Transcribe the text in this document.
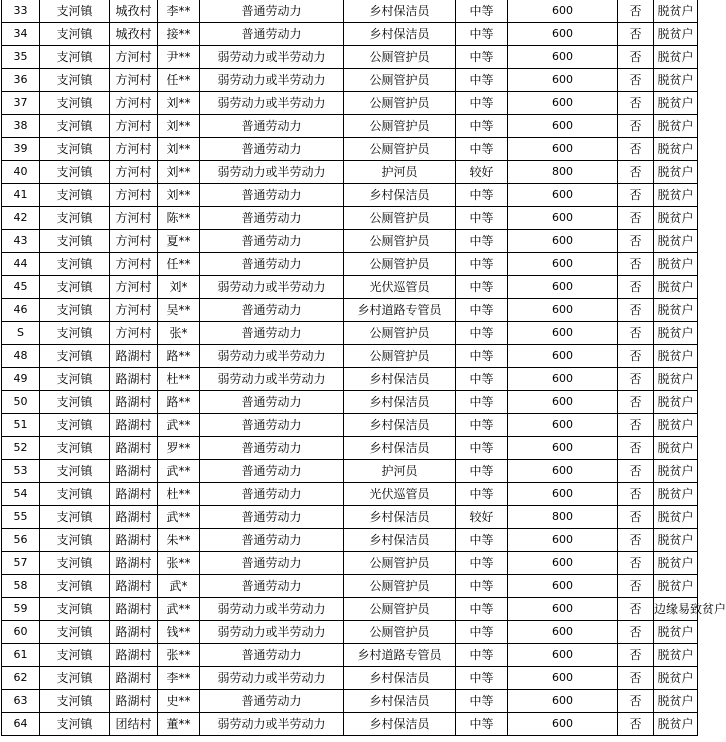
33	支河镇	城孜村	李**	普通劳动力	乡村保洁员	中等	600	否	脱贫户
34	支河镇	城孜村	接**	普通劳动力	乡村保洁员	中等	600	否	脱贫户
35	支河镇	方河村	尹**	弱劳动力或半劳动力	公厕管护员	中等	600	否	脱贫户
36	支河镇	方河村	任**	弱劳动力或半劳动力	公厕管护员	中等	600	否	脱贫户
37	支河镇	方河村	刘**	弱劳动力或半劳动力	公厕管护员	中等	600	否	脱贫户
38	支河镇	方河村	刘**	普通劳动力	公厕管护员	中等	600	否	脱贫户
39	支河镇	方河村	刘**	普通劳动力	公厕管护员	中等	600	否	脱贫户
40	支河镇	方河村	刘**	弱劳动力或半劳动力	护河员	较好	800	否	脱贫户
41	支河镇	方河村	刘**	普通劳动力	乡村保洁员	中等	600	否	脱贫户
42	支河镇	方河村	陈**	普通劳动力	公厕管护员	中等	600	否	脱贫户
43	支河镇	方河村	夏**	普通劳动力	公厕管护员	中等	600	否	脱贫户
44	支河镇	方河村	任**	普通劳动力	公厕管护员	中等	600	否	脱贫户
45	支河镇	方河村	刘*	弱劳动力或半劳动力	光伏巡管员	中等	600	否	脱贫户
46	支河镇	方河村	吴**	普通劳动力	乡村道路专管员	中等	600	否	脱贫户
S	支河镇	方河村	张*	普通劳动力	公厕管护员	中等	600	否	脱贫户
48	支河镇	路湖村	路**	弱劳动力或半劳动力	公厕管护员	中等	600	否	脱贫户
49	支河镇	路湖村	杜**	弱劳动力或半劳动力	乡村保洁员	中等	600	否	脱贫户
50	支河镇	路湖村	路**	普通劳动力	乡村保洁员	中等	600	否	脱贫户
51	支河镇	路湖村	武**	普通劳动力	乡村保洁员	中等	600	否	脱贫户
52	支河镇	路湖村	罗**	普通劳动力	乡村保洁员	中等	600	否	脱贫户
53	支河镇	路湖村	武**	普通劳动力	护河员	中等	600	否	脱贫户
54	支河镇	路湖村	杜**	普通劳动力	光伏巡管员	中等	600	否	脱贫户
55	支河镇	路湖村	武**	普通劳动力	乡村保洁员	较好	800	否	脱贫户
56	支河镇	路湖村	朱**	普通劳动力	乡村保洁员	中等	600	否	脱贫户
57	支河镇	路湖村	张**	普通劳动力	公厕管护员	中等	600	否	脱贫户
58	支河镇	路湖村	武*	普通劳动力	公厕管护员	中等	600	否	脱贫户
59	支河镇	路湖村	武**	弱劳动力或半劳动力	公厕管护员	中等	600	否	边缘易致贫户
60	支河镇	路湖村	钱**	弱劳动力或半劳动力	公厕管护员	中等	600	否	脱贫户
61	支河镇	路湖村	张**	普通劳动力	乡村道路专管员	中等	600	否	脱贫户
62	支河镇	路湖村	李**	弱劳动力或半劳动力	乡村保洁员	中等	600	否	脱贫户
63	支河镇	路湖村	史**	普通劳动力	乡村保洁员	中等	600	否	脱贫户
64	支河镇	团结村	董**	弱劳动力或半劳动力	乡村保洁员	中等	600	否	脱贫户
